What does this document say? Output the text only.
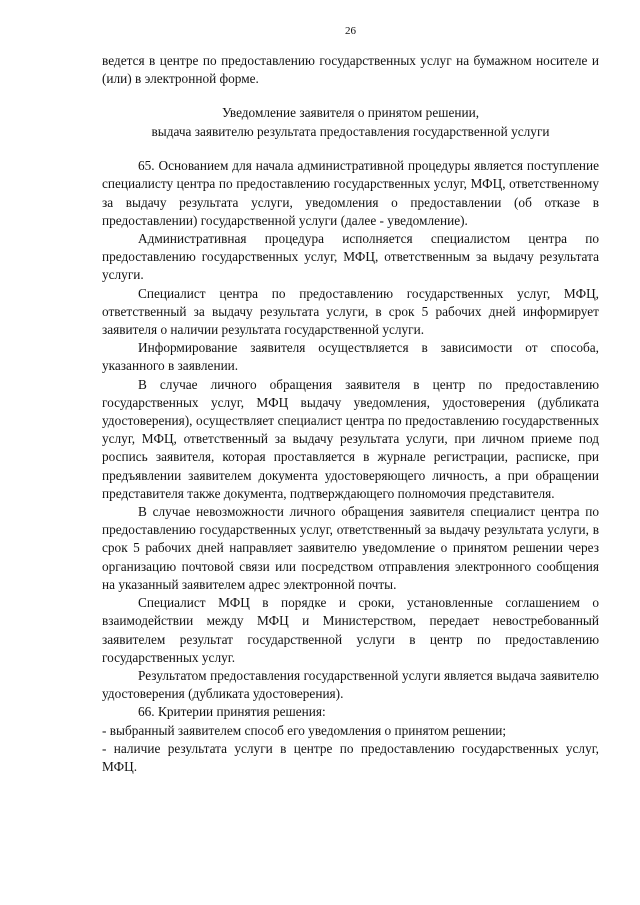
26

ведется в центре по предоставлению государственных услуг на бумажном носителе и (или) в электронной форме.

Уведомление заявителя о принятом решении,
выдача заявителю результата предоставления государственной услуги

65. Основанием для начала административной процедуры является поступление специалисту центра по предоставлению государственных услуг, МФЦ, ответственному за выдачу результата услуги, уведомления о предоставлении (об отказе в предоставлении) государственной услуги (далее - уведомление).

Административная процедура исполняется специалистом центра по предоставлению государственных услуг, МФЦ, ответственным за выдачу результата услуги.

Специалист центра по предоставлению государственных услуг, МФЦ, ответственный за выдачу результата услуги, в срок 5 рабочих дней информирует заявителя о наличии результата государственной услуги.

Информирование заявителя осуществляется в зависимости от способа, указанного в заявлении.

В случае личного обращения заявителя в центр по предоставлению государственных услуг, МФЦ выдачу уведомления, удостоверения (дубликата удостоверения), осуществляет специалист центра по предоставлению государственных услуг, МФЦ, ответственный за выдачу результата услуги, при личном приеме под роспись заявителя, которая проставляется в журнале регистрации, расписке, при предъявлении заявителем документа удостоверяющего личность, а при обращении представителя также документа, подтверждающего полномочия представителя.

В случае невозможности личного обращения заявителя специалист центра по предоставлению государственных услуг, ответственный за выдачу результата услуги, в срок 5 рабочих дней направляет заявителю уведомление о принятом решении через организацию почтовой связи или посредством отправления электронного сообщения на указанный заявителем адрес электронной почты.

Специалист МФЦ в порядке и сроки, установленные соглашением о взаимодействии между МФЦ и Министерством, передает невостребованный заявителем результат государственной услуги в центр по предоставлению государственных услуг.

Результатом предоставления государственной услуги является выдача заявителю удостоверения (дубликата удостоверения).

66. Критерии принятия решения:

- выбранный заявителем способ его уведомления о принятом решении;

- наличие результата услуги в центре по предоставлению государственных услуг, МФЦ.
